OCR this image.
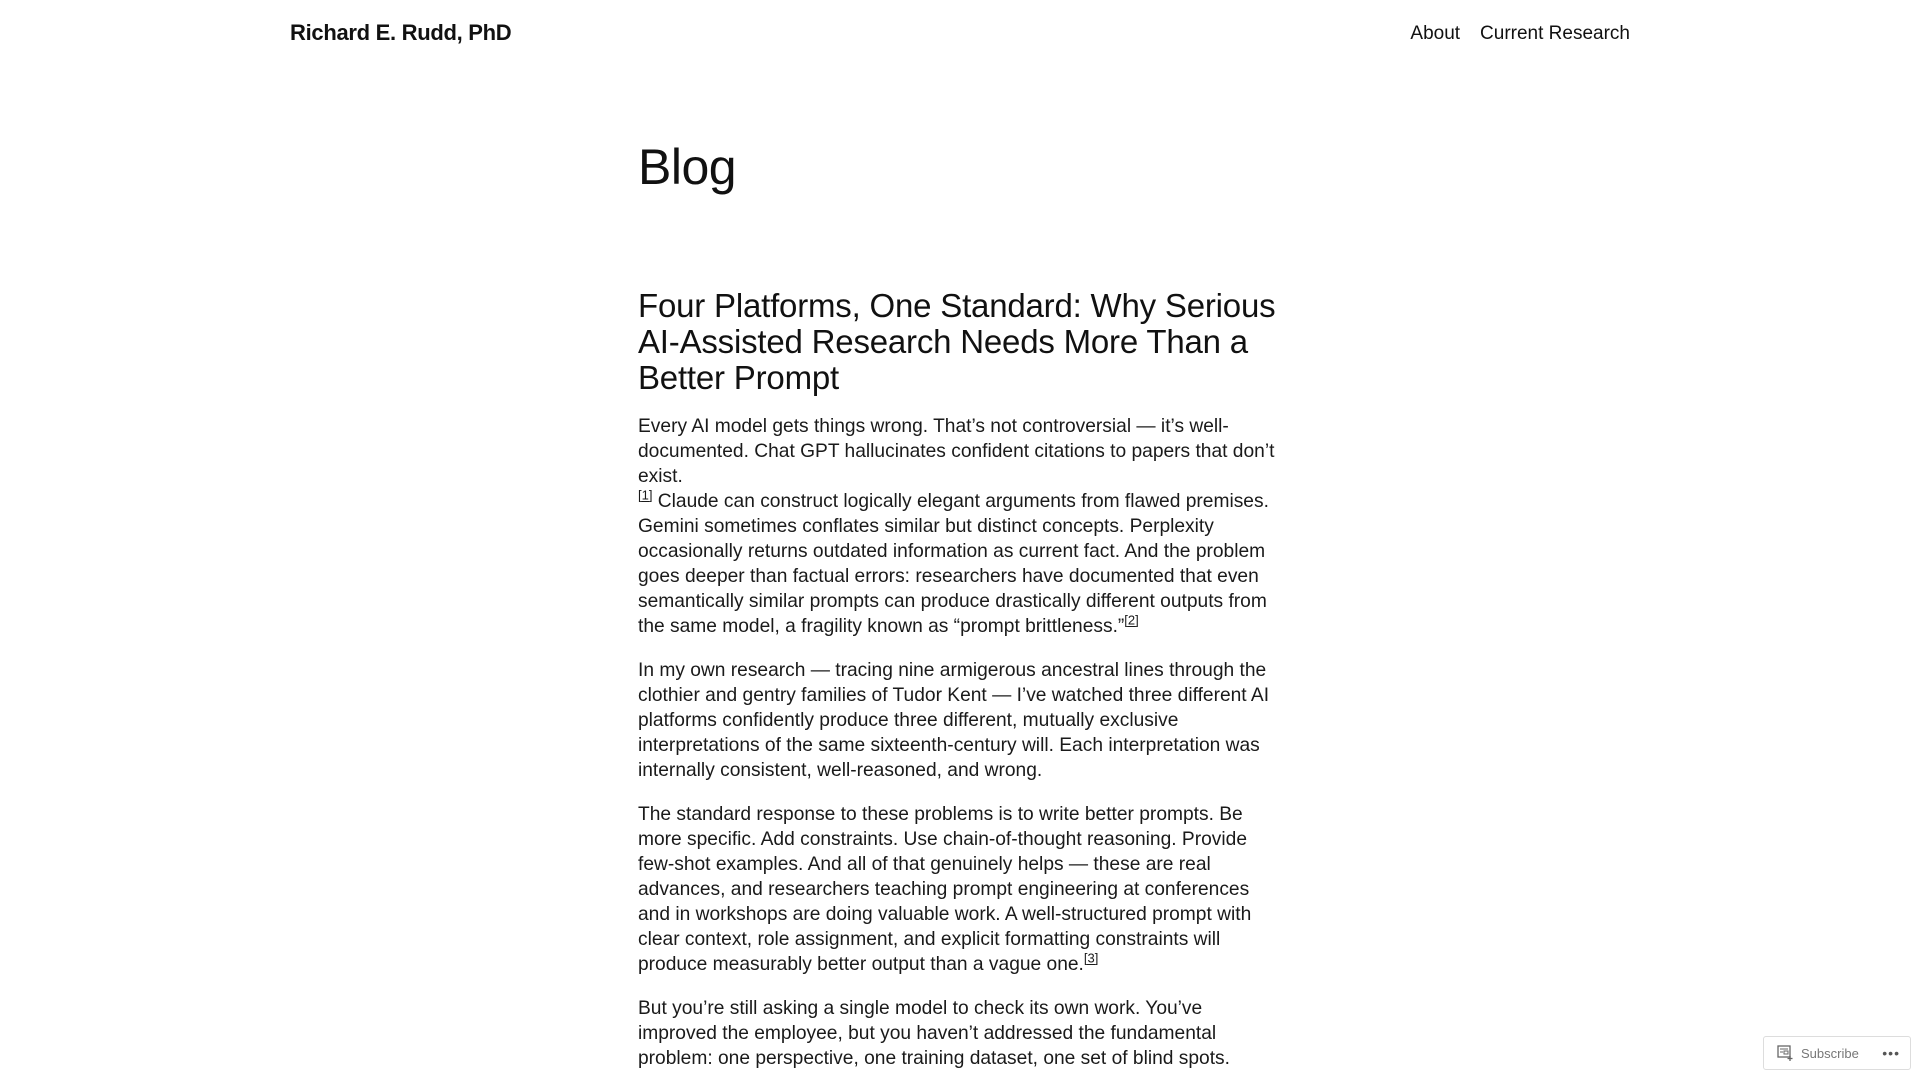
Richard E. Rudd, PhD	About Current Research
Blog
Four Platforms, One Standard: Why Serious AI-Assisted Research Needs More Than a Better Prompt

Every AI model gets things wrong. That’s not controversial — it’s well-documented. Chat GPT hallucinates confident citations to papers that don’t exist.
[1] Claude can construct logically elegant arguments from flawed premises. Gemini sometimes conflates similar but distinct concepts. Perplexity occasionally returns outdated information as current fact. And the problem goes deeper than factual errors: researchers have documented that even semantically similar prompts can produce drastically different outputs from the same model, a fragility known as “prompt brittleness.”[2]

In my own research — tracing nine armigerous ancestral lines through the clothier and gentry families of Tudor Kent — I’ve watched three different AI platforms confidently produce three different, mutually exclusive interpretations of the same sixteenth-century will. Each interpretation was internally consistent, well-reasoned, and wrong.

The standard response to these problems is to write better prompts. Be more specific. Add constraints. Use chain-of-thought reasoning. Provide few-shot examples. And all of that genuinely helps — these are real advances, and researchers teaching prompt engineering at conferences and in workshops are doing valuable work. A well-structured prompt with clear context, role assignment, and explicit formatting constraints will produce measurably better output than a vague one.[3]

But you’re still asking a single model to check its own work. You’ve improved the employee, but you haven’t addressed the fundamental problem: one perspective, one training dataset, one set of blind spots.	Subscribe •••
